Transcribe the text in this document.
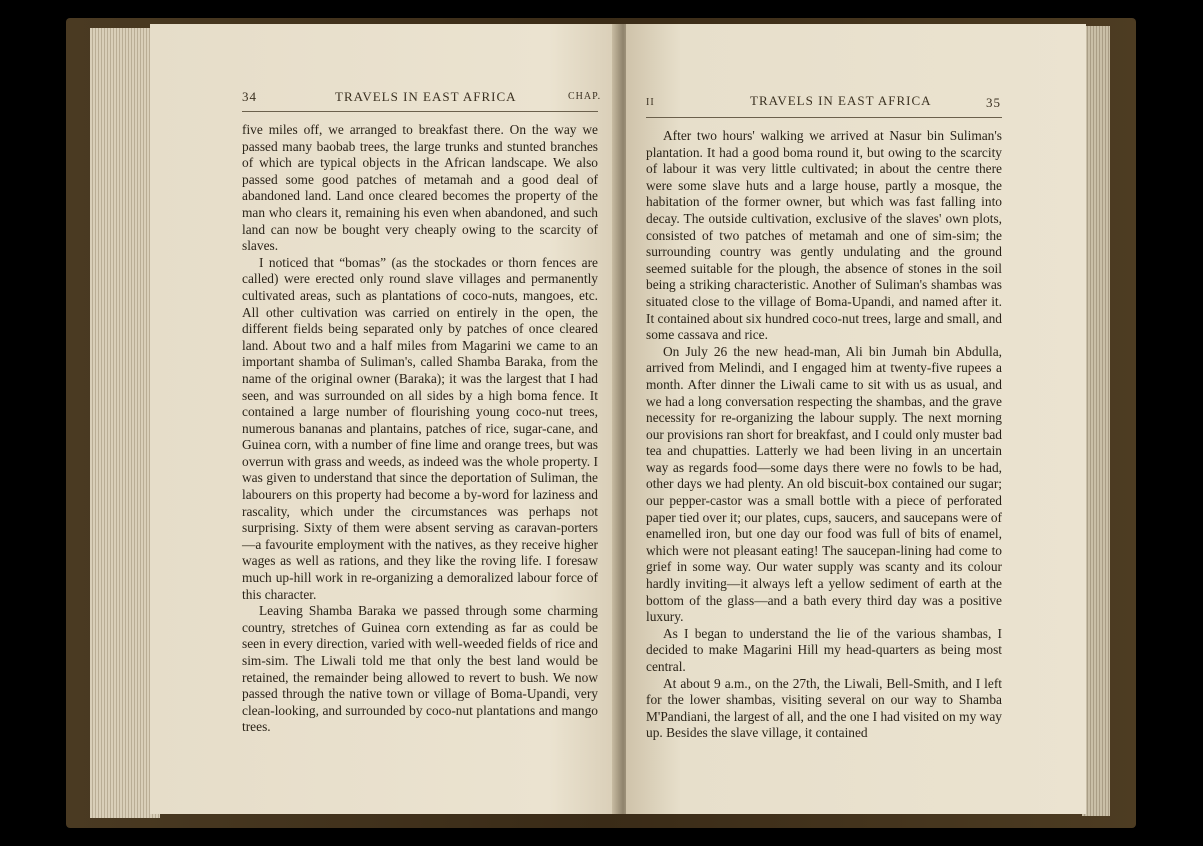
34	TRAVELS IN EAST AFRICA	CHAP.

five miles off, we arranged to breakfast there. On the way we passed many baobab trees, the large trunks and stunted branches of which are typical objects in the African landscape. We also passed some good patches of metamah and a good deal of abandoned land. Land once cleared becomes the property of the man who clears it, remaining his even when abandoned, and such land can now be bought very cheaply owing to the scarcity of slaves.

I noticed that “bomas” (as the stockades or thorn fences are called) were erected only round slave villages and permanently cultivated areas, such as plantations of coco-nuts, mangoes, etc. All other cultivation was carried on entirely in the open, the different fields being separated only by patches of once cleared land. About two and a half miles from Magarini we came to an important shamba of Suliman's, called Shamba Baraka, from the name of the original owner (Baraka); it was the largest that I had seen, and was surrounded on all sides by a high boma fence. It contained a large number of flourishing young coco-nut trees, numerous bananas and plantains, patches of rice, sugar-cane, and Guinea corn, with a number of fine lime and orange trees, but was overrun with grass and weeds, as indeed was the whole property. I was given to understand that since the deportation of Suliman, the labourers on this property had become a by-word for laziness and rascality, which under the circumstances was perhaps not surprising. Sixty of them were absent serving as caravan-porters—a favourite employment with the natives, as they receive higher wages as well as rations, and they like the roving life. I foresaw much up-hill work in re-organizing a demoralized labour force of this character.

Leaving Shamba Baraka we passed through some charming country, stretches of Guinea corn extending as far as could be seen in every direction, varied with well-weeded fields of rice and sim-sim. The Liwali told me that only the best land would be retained, the remainder being allowed to revert to bush. We now passed through the native town or village of Boma-Upandi, very clean-looking, and surrounded by coco-nut plantations and mango trees.

II	TRAVELS IN EAST AFRICA	35

After two hours' walking we arrived at Nasur bin Suliman's plantation. It had a good boma round it, but owing to the scarcity of labour it was very little cultivated; in about the centre there were some slave huts and a large house, partly a mosque, the habitation of the former owner, but which was fast falling into decay. The outside cultivation, exclusive of the slaves' own plots, consisted of two patches of metamah and one of sim-sim; the surrounding country was gently undulating and the ground seemed suitable for the plough, the absence of stones in the soil being a striking characteristic. Another of Suliman's shambas was situated close to the village of Boma-Upandi, and named after it. It contained about six hundred coco-nut trees, large and small, and some cassava and rice.

On July 26 the new head-man, Ali bin Jumah bin Abdulla, arrived from Melindi, and I engaged him at twenty-five rupees a month. After dinner the Liwali came to sit with us as usual, and we had a long conversation respecting the shambas, and the grave necessity for re-organizing the labour supply. The next morning our provisions ran short for breakfast, and I could only muster bad tea and chupatties. Latterly we had been living in an uncertain way as regards food—some days there were no fowls to be had, other days we had plenty. An old biscuit-box contained our sugar; our pepper-castor was a small bottle with a piece of perforated paper tied over it; our plates, cups, saucers, and saucepans were of enamelled iron, but one day our food was full of bits of enamel, which were not pleasant eating! The saucepan-lining had come to grief in some way. Our water supply was scanty and its colour hardly inviting—it always left a yellow sediment of earth at the bottom of the glass—and a bath every third day was a positive luxury.

As I began to understand the lie of the various shambas, I decided to make Magarini Hill my head-quarters as being most central.

At about 9 a.m., on the 27th, the Liwali, Bell-Smith, and I left for the lower shambas, visiting several on our way to Shamba M'Pandiani, the largest of all, and the one I had visited on my way up. Besides the slave village, it contained
